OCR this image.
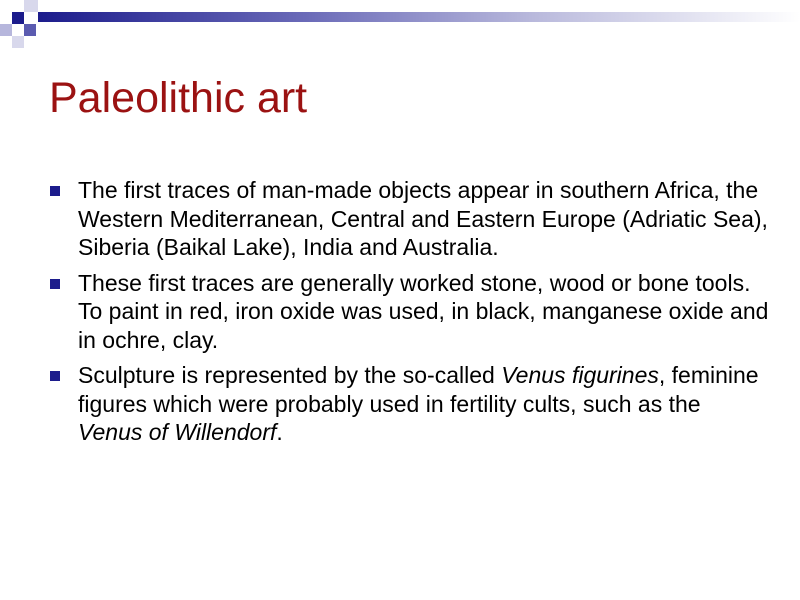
Paleolithic art
The first traces of man-made objects appear in southern Africa, the Western Mediterranean, Central and Eastern Europe (Adriatic Sea), Siberia (Baikal Lake), India and Australia.
These first traces are generally worked stone, wood or bone tools. To paint in red, iron oxide was used, in black, manganese oxide and in ochre, clay.
Sculpture is represented by the so-called Venus figurines, feminine figures which were probably used in fertility cults, such as the Venus of Willendorf.
